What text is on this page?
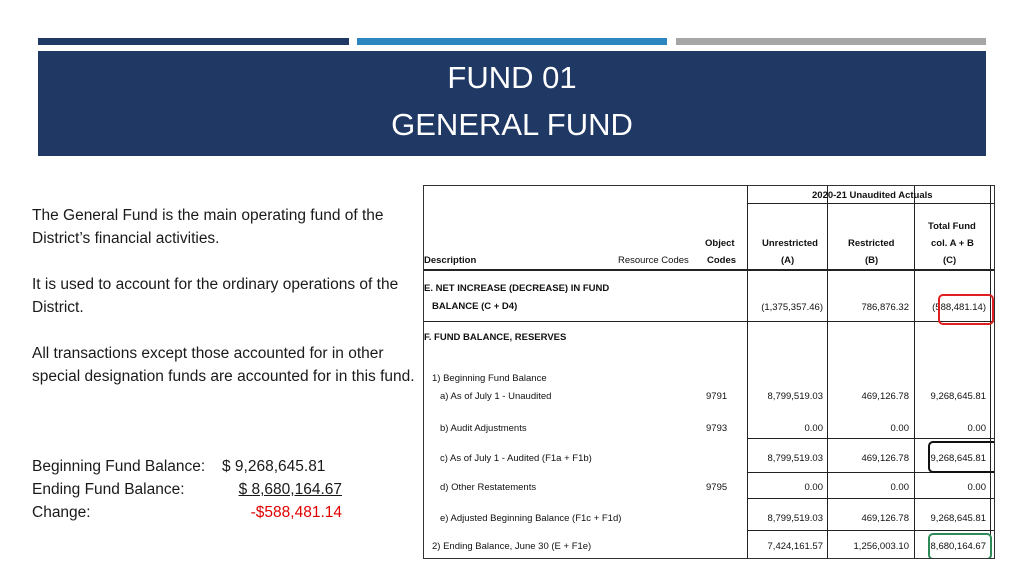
FUND 01
GENERAL FUND
The General Fund is the main operating fund of the District’s financial activities.
It is used to account for the ordinary operations of the District.
All transactions except those accounted for in other special designation funds are accounted for in this fund.
Beginning Fund Balance: $ 9,268,645.81
Ending Fund Balance:	$ 8,680,164.67
Change:	-$588,481.14
2020-21 Unaudited Actuals
Description	Resource Codes
Object
Codes
Unrestricted
(A)
Restricted
(B)
Total Fund
col. A + B
(C)
E. NET INCREASE (DECREASE) IN FUND
BALANCE (C + D4)	(1,375,357.46)	786,876.32	(588,481.14)
F. FUND BALANCE, RESERVES
1) Beginning Fund Balance
a) As of July 1 - Unaudited	9791	8,799,519.03	469,126.78	9,268,645.81
b) Audit Adjustments	9793	0.00	0.00	0.00
c) As of July 1 - Audited (F1a + F1b)	8,799,519.03	469,126.78	9,268,645.81
d) Other Restatements	9795	0.00	0.00	0.00
e) Adjusted Beginning Balance (F1c + F1d)	8,799,519.03	469,126.78	9,268,645.81
2) Ending Balance, June 30 (E + F1e)	7,424,161.57	1,256,003.10	8,680,164.67
